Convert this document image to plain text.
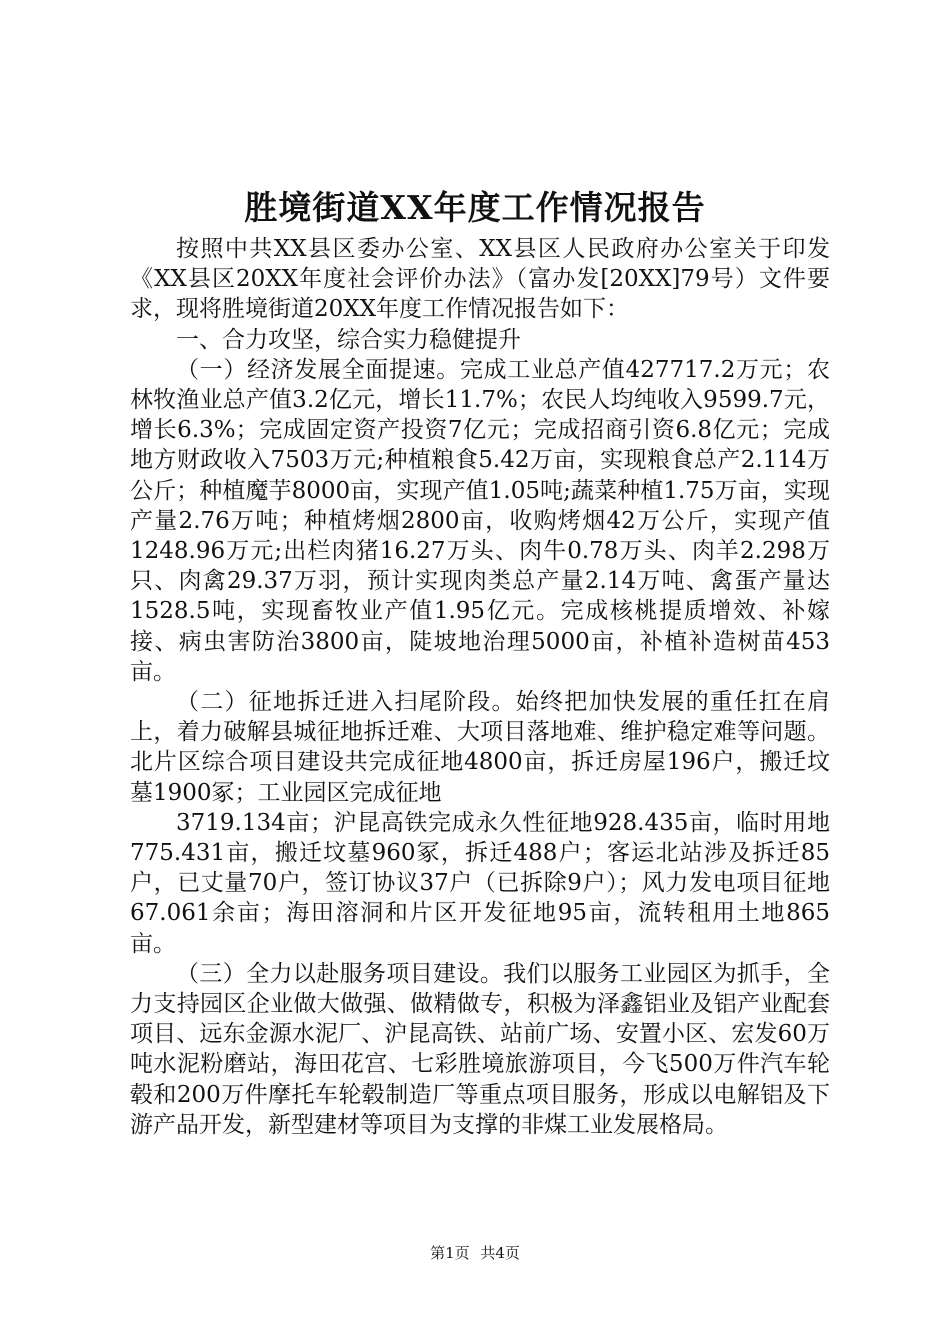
胜境街道XX年度工作情况报告

按照中共XX县区委办公室、XX县区人民政府办公室关于印发《XX县区20XX年度社会评价办法》（富办发[20XX]79号）文件要求，现将胜境街道20XX年度工作情况报告如下：

一、合力攻坚，综合实力稳健提升

（一）经济发展全面提速。完成工业总产值427717.2万元；农林牧渔业总产值3.2亿元，增长11.7%；农民人均纯收入9599.7元，增长6.3%；完成固定资产投资7亿元；完成招商引资6.8亿元；完成地方财政收入7503万元;种植粮食5.42万亩，实现粮食总产2.114万公斤；种植魔芋8000亩，实现产值1.05吨;蔬菜种植1.75万亩，实现产量2.76万吨；种植烤烟2800亩，收购烤烟42万公斤，实现产值1248.96万元;出栏肉猪16.27万头、肉牛0.78万头、肉羊2.298万只、肉禽29.37万羽，预计实现肉类总产量2.14万吨、禽蛋产量达1528.5吨，实现畜牧业产值1.95亿元。完成核桃提质增效、补嫁接、病虫害防治3800亩，陡坡地治理5000亩，补植补造树苗453亩。

（二）征地拆迁进入扫尾阶段。始终把加快发展的重任扛在肩上，着力破解县城征地拆迁难、大项目落地难、维护稳定难等问题。北片区综合项目建设共完成征地4800亩，拆迁房屋196户，搬迁坟墓1900冢；工业园区完成征地

3719.134亩；沪昆高铁完成永久性征地928.435亩，临时用地775.431亩，搬迁坟墓960冢，拆迁488户；客运北站涉及拆迁85户，已丈量70户，签订协议37户（已拆除9户）；风力发电项目征地67.061余亩；海田溶洞和片区开发征地95亩，流转租用土地865亩。

（三）全力以赴服务项目建设。我们以服务工业园区为抓手，全力支持园区企业做大做强、做精做专，积极为泽鑫铝业及铝产业配套项目、远东金源水泥厂、沪昆高铁、站前广场、安置小区、宏发60万吨水泥粉磨站，海田花宫、七彩胜境旅游项目，今飞500万件汽车轮毂和200万件摩托车轮毂制造厂等重点项目服务，形成以电解铝及下游产品开发，新型建材等项目为支撑的非煤工业发展格局。

第1页 共4页
